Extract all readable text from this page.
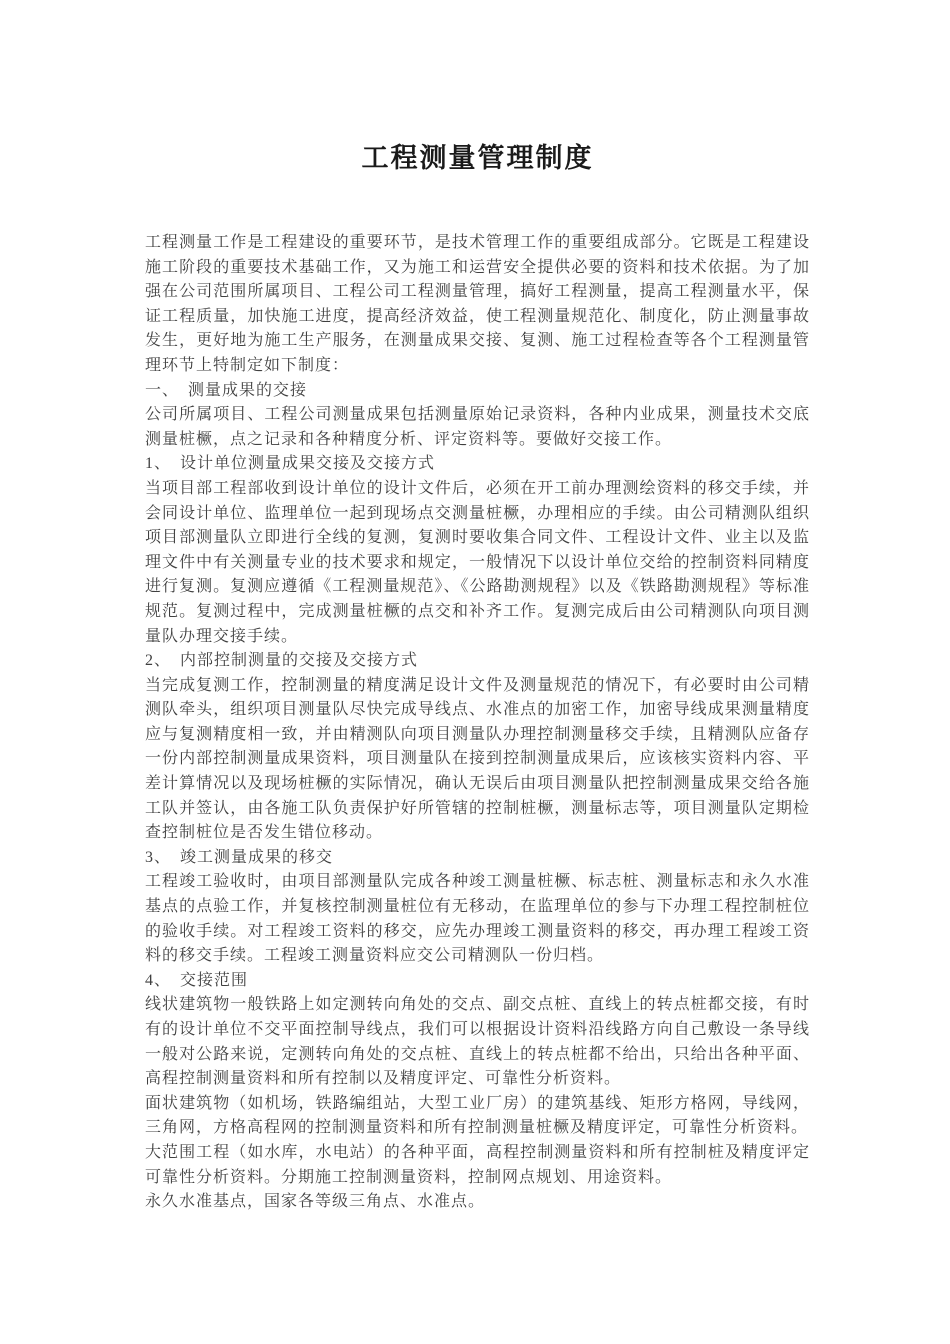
工程测量管理制度

工程测量工作是工程建设的重要环节，是技术管理工作的重要组成部分。它既是工程建设施工阶段的重要技术基础工作，又为施工和运营安全提供必要的资料和技术依据。为了加强在公司范围所属项目、工程公司工程测量管理，搞好工程测量，提高工程测量水平，保证工程质量，加快施工进度，提高经济效益，使工程测量规范化、制度化，防止测量事故发生，更好地为施工生产服务，在测量成果交接、复测、施工过程检查等各个工程测量管理环节上特制定如下制度：

一、　测量成果的交接

公司所属项目、工程公司测量成果包括测量原始记录资料，各种内业成果，测量技术交底测量桩橛，点之记录和各种精度分析、评定资料等。要做好交接工作。

1、　设计单位测量成果交接及交接方式

当项目部工程部收到设计单位的设计文件后，必须在开工前办理测绘资料的移交手续，并会同设计单位、监理单位一起到现场点交测量桩橛，办理相应的手续。由公司精测队组织项目部测量队立即进行全线的复测，复测时要收集合同文件、工程设计文件、业主以及监理文件中有关测量专业的技术要求和规定，一般情况下以设计单位交给的控制资料同精度进行复测。复测应遵循《工程测量规范》、《公路勘测规程》以及《铁路勘测规程》等标准规范。复测过程中，完成测量桩橛的点交和补齐工作。复测完成后由公司精测队向项目测量队办理交接手续。

2、　内部控制测量的交接及交接方式

当完成复测工作，控制测量的精度满足设计文件及测量规范的情况下，有必要时由公司精测队牵头，组织项目测量队尽快完成导线点、水准点的加密工作，加密导线成果测量精度应与复测精度相一致，并由精测队向项目测量队办理控制测量移交手续，且精测队应备存一份内部控制测量成果资料，项目测量队在接到控制测量成果后，应该核实资料内容、平差计算情况以及现场桩橛的实际情况，确认无误后由项目测量队把控制测量成果交给各施工队并签认，由各施工队负责保护好所管辖的控制桩橛，测量标志等，项目测量队定期检查控制桩位是否发生错位移动。

3、　竣工测量成果的移交

工程竣工验收时，由项目部测量队完成各种竣工测量桩橛、标志桩、测量标志和永久水准基点的点验工作，并复核控制测量桩位有无移动，在监理单位的参与下办理工程控制桩位的验收手续。对工程竣工资料的移交，应先办理竣工测量资料的移交，再办理工程竣工资料的移交手续。工程竣工测量资料应交公司精测队一份归档。

4、　交接范围

线状建筑物一般铁路上如定测转向角处的交点、副交点桩、直线上的转点桩都交接，有时有的设计单位不交平面控制导线点，我们可以根据设计资料沿线路方向自己敷设一条导线一般对公路来说，定测转向角处的交点桩、直线上的转点桩都不给出，只给出各种平面、高程控制测量资料和所有控制以及精度评定、可靠性分析资料。

面状建筑物（如机场，铁路编组站，大型工业厂房）的建筑基线、矩形方格网，导线网，三角网，方格高程网的控制测量资料和所有控制测量桩橛及精度评定，可靠性分析资料。

大范围工程（如水库，水电站）的各种平面，高程控制测量资料和所有控制桩及精度评定可靠性分析资料。分期施工控制测量资料，控制网点规划、用途资料。

永久水准基点，国家各等级三角点、水准点。
